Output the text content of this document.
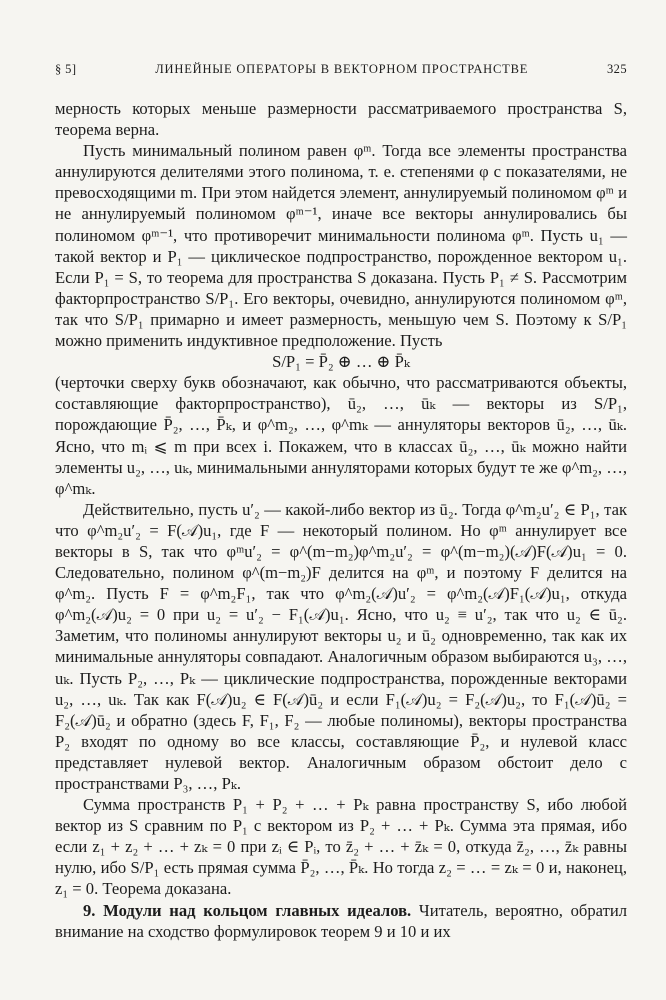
§ 5]	ЛИНЕЙНЫЕ ОПЕРАТОРЫ В ВЕКТОРНОМ ПРОСТРАНСТВЕ	325

мерность которых меньше размерности рассматриваемого пространства S, теорема верна.

Пусть минимальный полином равен φᵐ. Тогда все элементы пространства аннулируются делителями этого полинома, т. е. степенями φ с показателями, не превосходящими m. При этом найдется элемент, аннулируемый полиномом φᵐ и не аннулируемый полиномом φᵐ⁻¹, иначе все векторы аннулировались бы полиномом φᵐ⁻¹, что противоречит минимальности полинома φᵐ. Пусть u₁ — такой вектор и P₁ — циклическое подпространство, порожденное вектором u₁. Если P₁ = S, то теорема для пространства S доказана. Пусть P₁ ≠ S. Рассмотрим факторпространство S/P₁. Его векторы, очевидно, аннулируются полиномом φᵐ, так что S/P₁ примарно и имеет размерность, меньшую чем S. Поэтому к S/P₁ можно применить индуктивное предположение. Пусть

S/P₁ = P̄₂ ⊕ … ⊕ P̄ₖ

(черточки сверху букв обозначают, как обычно, что рассматриваются объекты, составляющие факторпространство), ū₂, …, ūₖ — векторы из S/P₁, порождающие P̄₂, …, P̄ₖ, и φ^m₂, …, φ^mₖ — аннуляторы векторов ū₂, …, ūₖ. Ясно, что mᵢ ⩽ m при всех i. Покажем, что в классах ū₂, …, ūₖ можно найти элементы u₂, …, uₖ, минимальными аннуляторами которых будут те же φ^m₂, …, φ^mₖ.

Действительно, пусть u′₂ — какой-либо вектор из ū₂. Тогда φ^m₂u′₂ ∈ P₁, так что φ^m₂u′₂ = F(𝒜)u₁, где F — некоторый полином. Но φᵐ аннулирует все векторы в S, так что φᵐu′₂ = φ^(m−m₂)φ^m₂u′₂ = φ^(m−m₂)(𝒜)F(𝒜)u₁ = 0. Следовательно, полином φ^(m−m₂)F делится на φᵐ, и поэтому F делится на φ^m₂. Пусть F = φ^m₂F₁, так что φ^m₂(𝒜)u′₂ = φ^m₂(𝒜)F₁(𝒜)u₁, откуда φ^m₂(𝒜)u₂ = 0 при u₂ = u′₂ − F₁(𝒜)u₁. Ясно, что u₂ ≡ u′₂, так что u₂ ∈ ū₂. Заметим, что полиномы аннулируют векторы u₂ и ū₂ одновременно, так как их минимальные аннуляторы совпадают. Аналогичным образом выбираются u₃, …, uₖ. Пусть P₂, …, Pₖ — циклические подпространства, порожденные векторами u₂, …, uₖ. Так как F(𝒜)u₂ ∈ F(𝒜)ū₂ и если F₁(𝒜)u₂ = F₂(𝒜)u₂, то F₁(𝒜)ū₂ = F₂(𝒜)ū₂ и обратно (здесь F, F₁, F₂ — любые полиномы), векторы пространства P₂ входят по одному во все классы, составляющие P̄₂, и нулевой класс представляет нулевой вектор. Аналогичным образом обстоит дело с пространствами P₃, …, Pₖ.

Сумма пространств P₁ + P₂ + … + Pₖ равна пространству S, ибо любой вектор из S сравним по P₁ с вектором из P₂ + … + Pₖ. Сумма эта прямая, ибо если z₁ + z₂ + … + zₖ = 0 при zᵢ ∈ Pᵢ, то z̄₂ + … + z̄ₖ = 0, откуда z̄₂, …, z̄ₖ равны нулю, ибо S/P₁ есть прямая сумма P̄₂, …, P̄ₖ. Но тогда z₂ = … = zₖ = 0 и, наконец, z₁ = 0. Теорема доказана.

9. Модули над кольцом главных идеалов. Читатель, вероятно, обратил внимание на сходство формулировок теорем 9 и 10 и их
